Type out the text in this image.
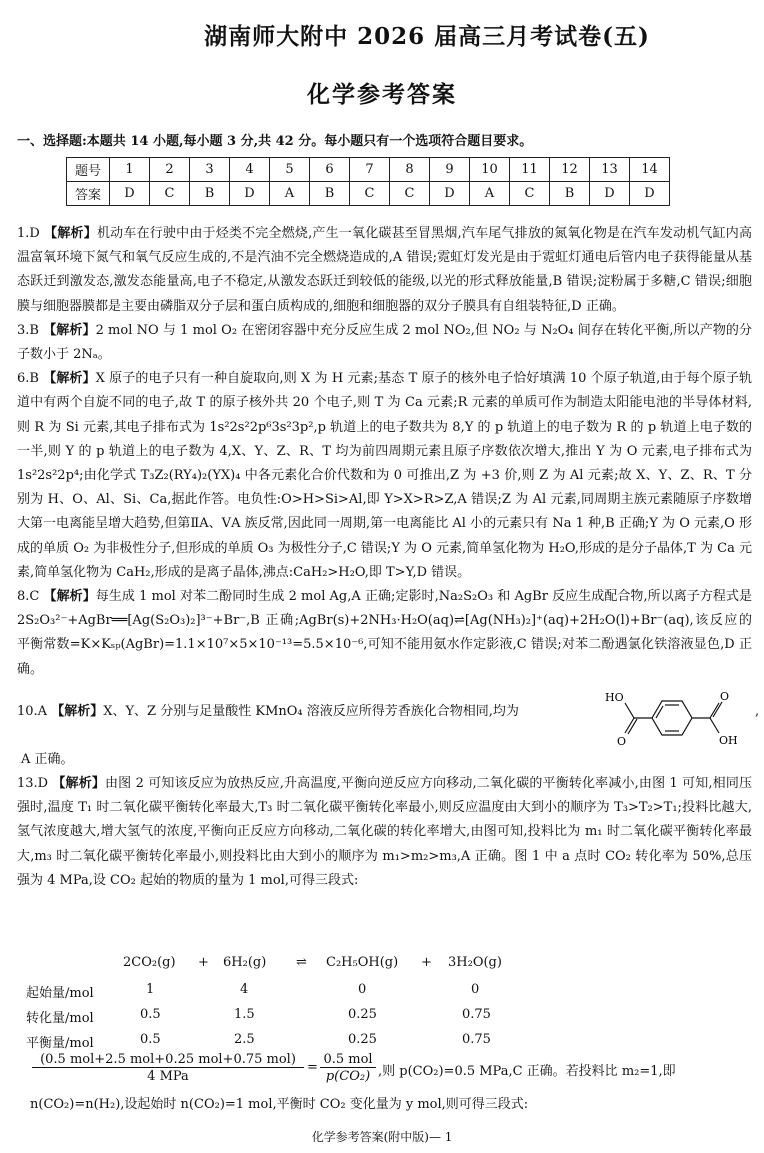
湖南师大附中 2026 届高三月考试卷(五)
化学参考答案
一、选择题:本题共 14 小题,每小题 3 分,共 42 分。每小题只有一个选项符合题目要求。
题号	1	2	3	4	5	6	7	8	9	10	11	12	13	14
答案	D	C	B	D	A	B	C	C	D	A	C	B	D	D

1.D 【解析】机动车在行驶中由于烃类不完全燃烧,产生一氧化碳甚至冒黑烟,汽车尾气排放的氮氧化物是在汽车发动机气缸内高温富氧环境下氮气和氧气反应生成的,不是汽油不完全燃烧造成的,A 错误;霓虹灯发光是由于霓虹灯通电后管内电子获得能量从基态跃迁到激发态,激发态能量高,电子不稳定,从激发态跃迁到较低的能级,以光的形式释放能量,B 错误;淀粉属于多糖,C 错误;细胞膜与细胞器膜都是主要由磷脂双分子层和蛋白质构成的,细胞和细胞器的双分子膜具有自组装特征,D 正确。

3.B 【解析】2 mol NO 与 1 mol O₂ 在密闭容器中充分反应生成 2 mol NO₂,但 NO₂ 与 N₂O₄ 间存在转化平衡,所以产物的分子数小于 2Nₐ。

6.B 【解析】X 原子的电子只有一种自旋取向,则 X 为 H 元素;基态 T 原子的核外电子恰好填满 10 个原子轨道,由于每个原子轨道中有两个自旋不同的电子,故 T 的原子核外共 20 个电子,则 T 为 Ca 元素;R 元素的单质可作为制造太阳能电池的半导体材料,则 R 为 Si 元素,其电子排布式为 1s²2s²2p⁶3s²3p²,p 轨道上的电子数共为 8,Y 的 p 轨道上的电子数为 R 的 p 轨道上电子数的一半,则 Y 的 p 轨道上的电子数为 4,X、Y、Z、R、T 均为前四周期元素且原子序数依次增大,推出 Y 为 O 元素,电子排布式为 1s²2s²2p⁴;由化学式 T₃Z₂(RY₄)₂(YX)₄ 中各元素化合价代数和为 0 可推出,Z 为 +3 价,则 Z 为 Al 元素;故 X、Y、Z、R、T 分别为 H、O、Al、Si、Ca,据此作答。电负性:O>H>Si>Al,即 Y>X>R>Z,A 错误;Z 为 Al 元素,同周期主族元素随原子序数增大第一电离能呈增大趋势,但第ⅡA、ⅤA 族反常,因此同一周期,第一电离能比 Al 小的元素只有 Na 1 种,B 正确;Y 为 O 元素,O 形成的单质 O₂ 为非极性分子,但形成的单质 O₃ 为极性分子,C 错误;Y 为 O 元素,简单氢化物为 H₂O,形成的是分子晶体,T 为 Ca 元素,简单氢化物为 CaH₂,形成的是离子晶体,沸点:CaH₂>H₂O,即 T>Y,D 错误。

8.C 【解析】每生成 1 mol 对苯二酚同时生成 2 mol Ag,A 正确;定影时,Na₂S₂O₃ 和 AgBr 反应生成配合物,所以离子方程式是 2S₂O₃²⁻+AgBr══[Ag(S₂O₃)₂]³⁻+Br⁻,B 正确;AgBr(s)+2NH₃·H₂O(aq)⇌[Ag(NH₃)₂]⁺(aq)+2H₂O(l)+Br⁻(aq),该反应的平衡常数=K×Kₛₚ(AgBr)=1.1×10⁷×5×10⁻¹³=5.5×10⁻⁶,可知不能用氨水作定影液,C 错误;对苯二酚遇氯化铁溶液显色,D 正确。

10.A 【解析】X、Y、Z 分别与足量酸性 KMnO₄ 溶液反应所得芳香族化合物相同,均为
HO
O
O
OH
,

A 正确。

13.D 【解析】由图 2 可知该反应为放热反应,升高温度,平衡向逆反应方向移动,二氧化碳的平衡转化率减小,由图 1 可知,相同压强时,温度 T₁ 时二氧化碳平衡转化率最大,T₃ 时二氧化碳平衡转化率最小,则反应温度由大到小的顺序为 T₃>T₂>T₁;投料比越大,氢气浓度越大,增大氢气的浓度,平衡向正反应方向移动,二氧化碳的转化率增大,由图可知,投料比为 m₁ 时二氧化碳平衡转化率最大,m₃ 时二氧化碳平衡转化率最小,则投料比由大到小的顺序为 m₁>m₂>m₃,A 正确。图 1 中 a 点时 CO₂ 转化率为 50%,总压强为 4 MPa,设 CO₂ 起始的物质的量为 1 mol,可得三段式:

2CO₂(g) + 6H₂(g) ⇌ C₂H₅OH(g) + 3H₂O(g)
起始量/mol	1	4	0	0
转化量/mol	0.5	1.5	0.25	0.75
平衡量/mol	0.5	2.5	0.25	0.75
(0.5 mol+2.5 mol+0.25 mol+0.75 mol)
4 MPa
=
0.5 mol
p(CO₂) ,则 p(CO₂)=0.5 MPa,C 正确。若投料比 m₂=1,即
n(CO₂)=n(H₂),设起始时 n(CO₂)=1 mol,平衡时 CO₂ 变化量为 y mol,则可得三段式:
化学参考答案(附中版)— 1
